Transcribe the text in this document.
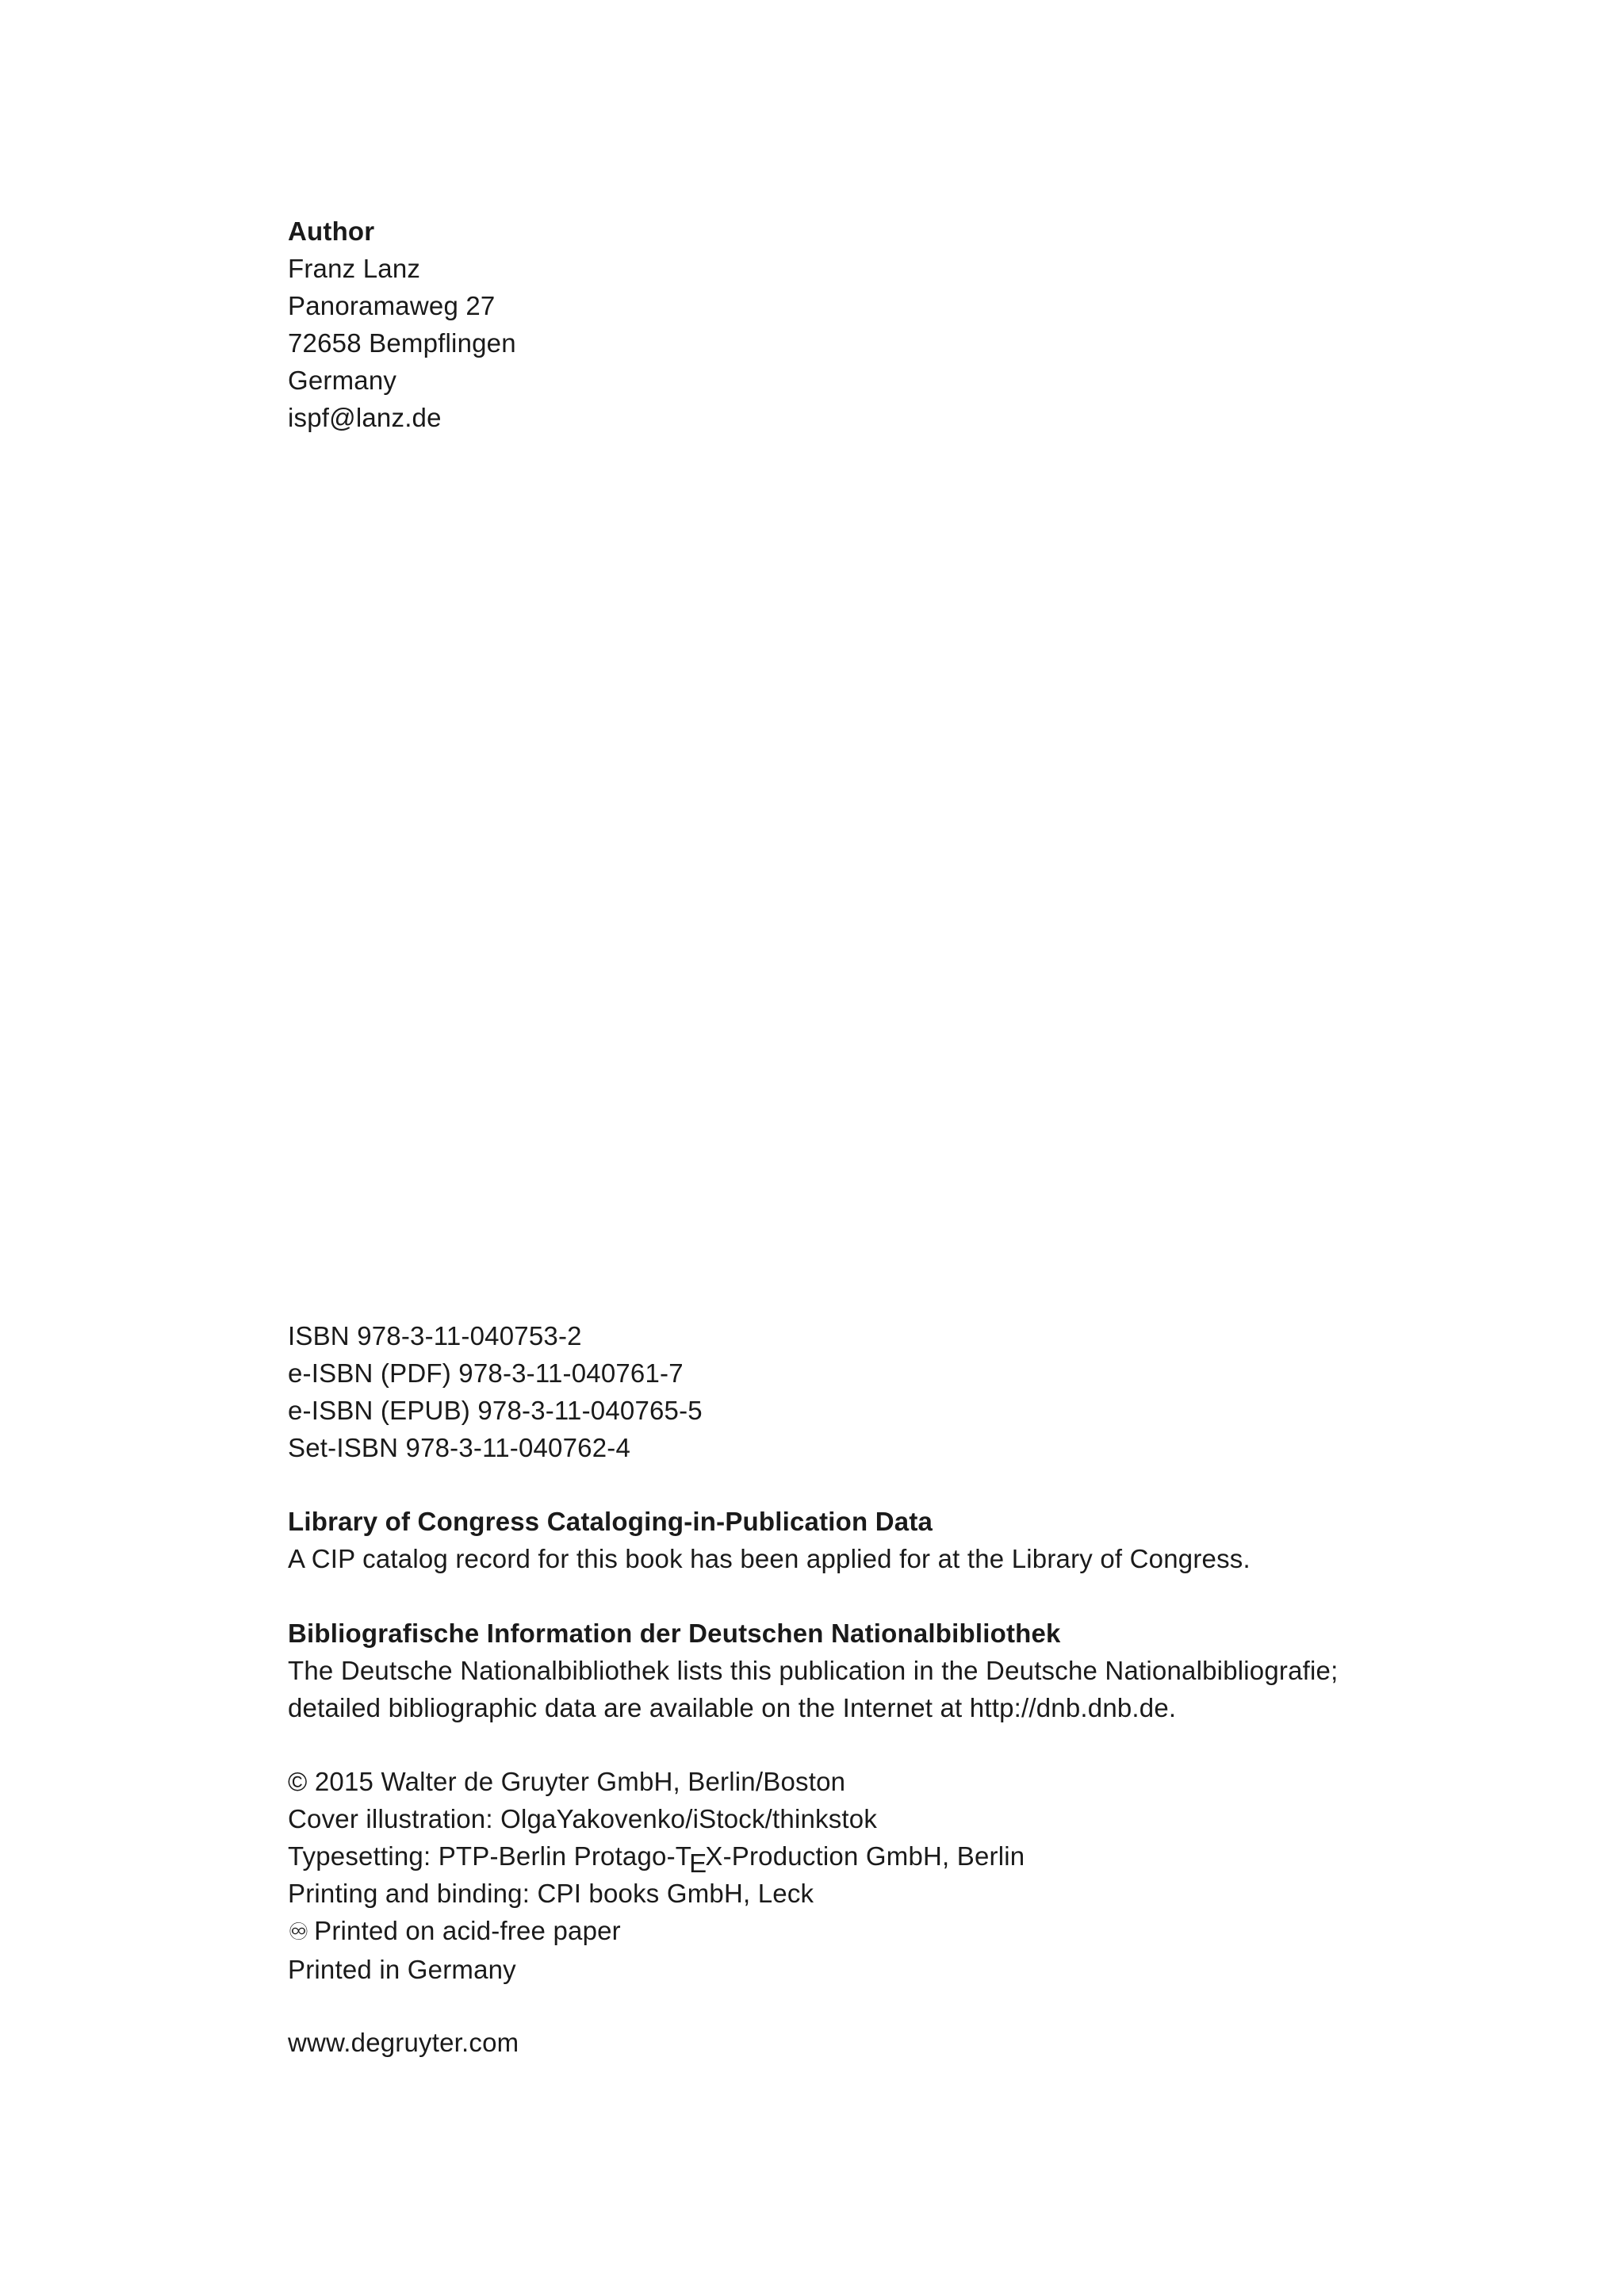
Author
Franz Lanz
Panoramaweg 27
72658 Bempflingen
Germany
ispf@lanz.de
ISBN 978-3-11-040753-2
e-ISBN (PDF) 978-3-11-040761-7
e-ISBN (EPUB) 978-3-11-040765-5
Set-ISBN 978-3-11-040762-4
Library of Congress Cataloging-in-Publication Data
A CIP catalog record for this book has been applied for at the Library of Congress.
Bibliografische Information der Deutschen Nationalbibliothek
The Deutsche Nationalbibliothek lists this publication in the Deutsche Nationalbibliografie;
detailed bibliographic data are available on the Internet at http://dnb.dnb.de.
© 2015 Walter de Gruyter GmbH, Berlin/Boston
Cover illustration: OlgaYakovenko/iStock/thinkstok
Typesetting: PTP-Berlin Protago-TEX-Production GmbH, Berlin
Printing and binding: CPI books GmbH, Leck
♾ Printed on acid-free paper
Printed in Germany
www.degruyter.com
